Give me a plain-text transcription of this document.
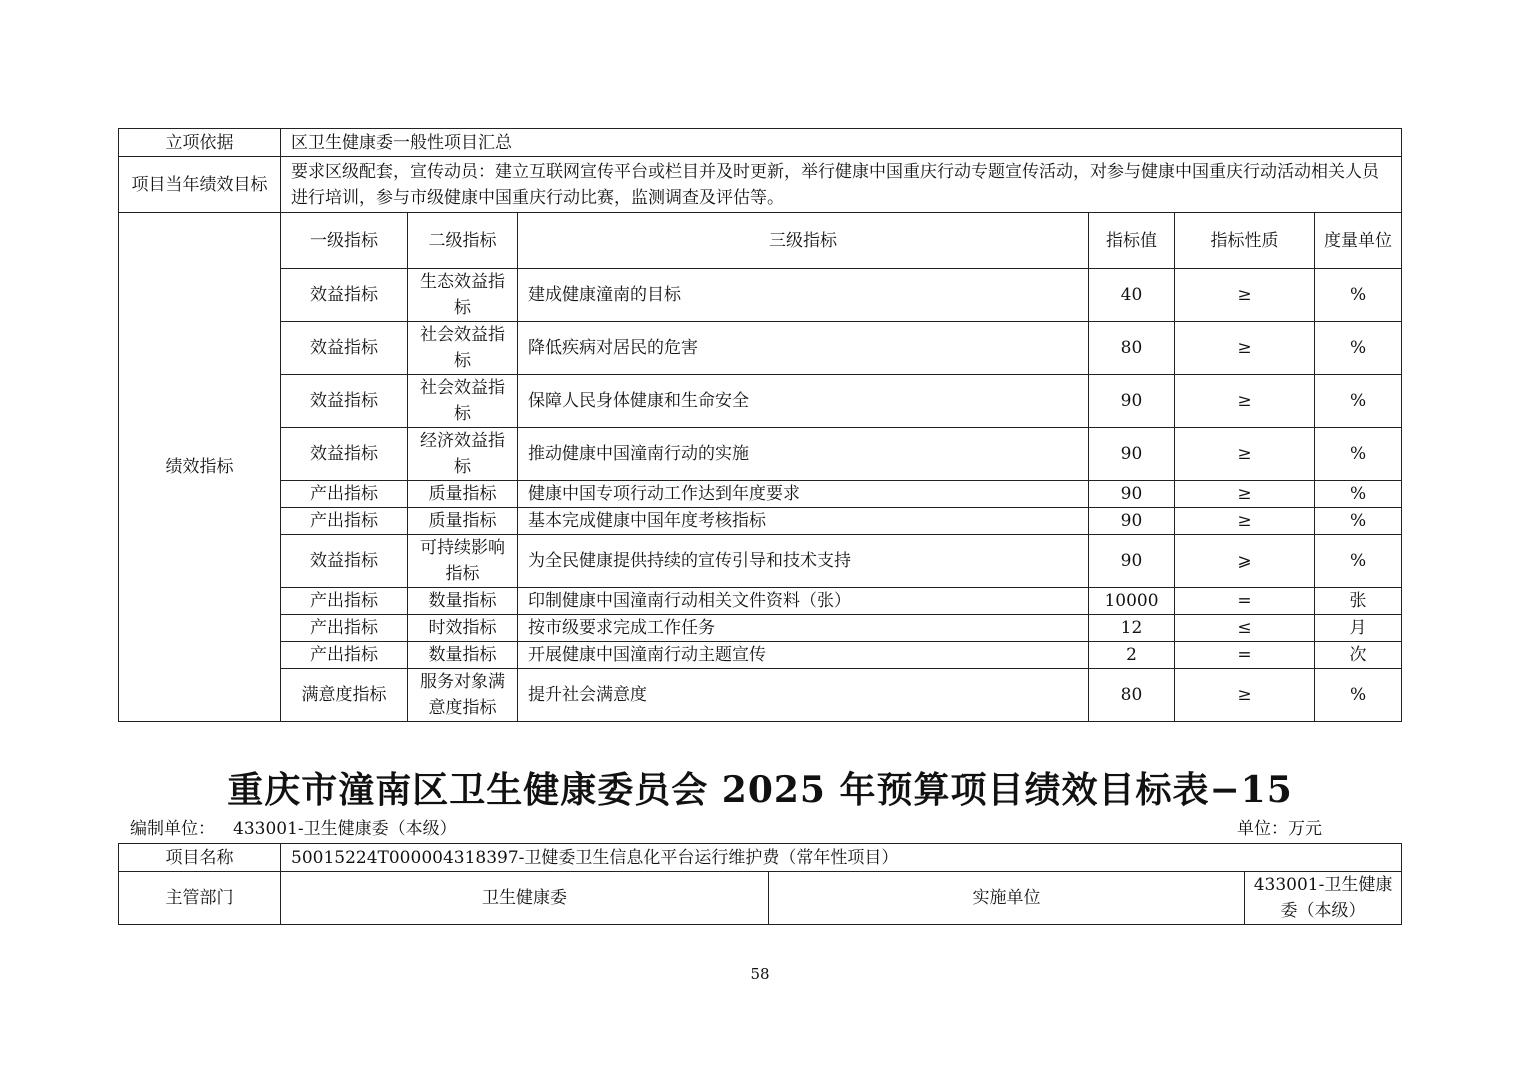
立项依据	区卫生健康委一般性项目汇总					
项目当年绩效目标	要求区级配套，宣传动员：建立互联网宣传平台或栏目并及时更新，举行健康中国重庆行动专题宣传活动，对参与健康中国重庆行动活动相关人员进行培训，参与市级健康中国重庆行动比赛，监测调查及评估等。					
绩效指标	一级指标	二级指标	三级指标	指标值	指标性质	度量单位
	效益指标	生态效益指标	建成健康潼南的目标	40	≥	%
	效益指标	社会效益指标	降低疾病对居民的危害	80	≥	%
	效益指标	社会效益指标	保障人民身体健康和生命安全	90	≥	%
	效益指标	经济效益指标	推动健康中国潼南行动的实施	90	≥	%
	产出指标	质量指标	健康中国专项行动工作达到年度要求	90	≥	%
	产出指标	质量指标	基本完成健康中国年度考核指标	90	≥	%
	效益指标	可持续影响指标	为全民健康提供持续的宣传引导和技术支持	90	⩾	%
	产出指标	数量指标	印制健康中国潼南行动相关文件资料（张）	10000	=	张
	产出指标	时效指标	按市级要求完成工作任务	12	≤	月
	产出指标	数量指标	开展健康中国潼南行动主题宣传	2	=	次
	满意度指标	服务对象满意度指标	提升社会满意度	80	≥	%
重庆市潼南区卫生健康委员会 2025 年预算项目绩效目标表−15
编制单位： 433001-卫生健康委（本级）	单位：万元
项目名称	50015224T000004318397-卫健委卫生信息化平台运行维护费（常年性项目）		
主管部门	卫生健康委	实施单位	433001-卫生健康委（本级）
58
